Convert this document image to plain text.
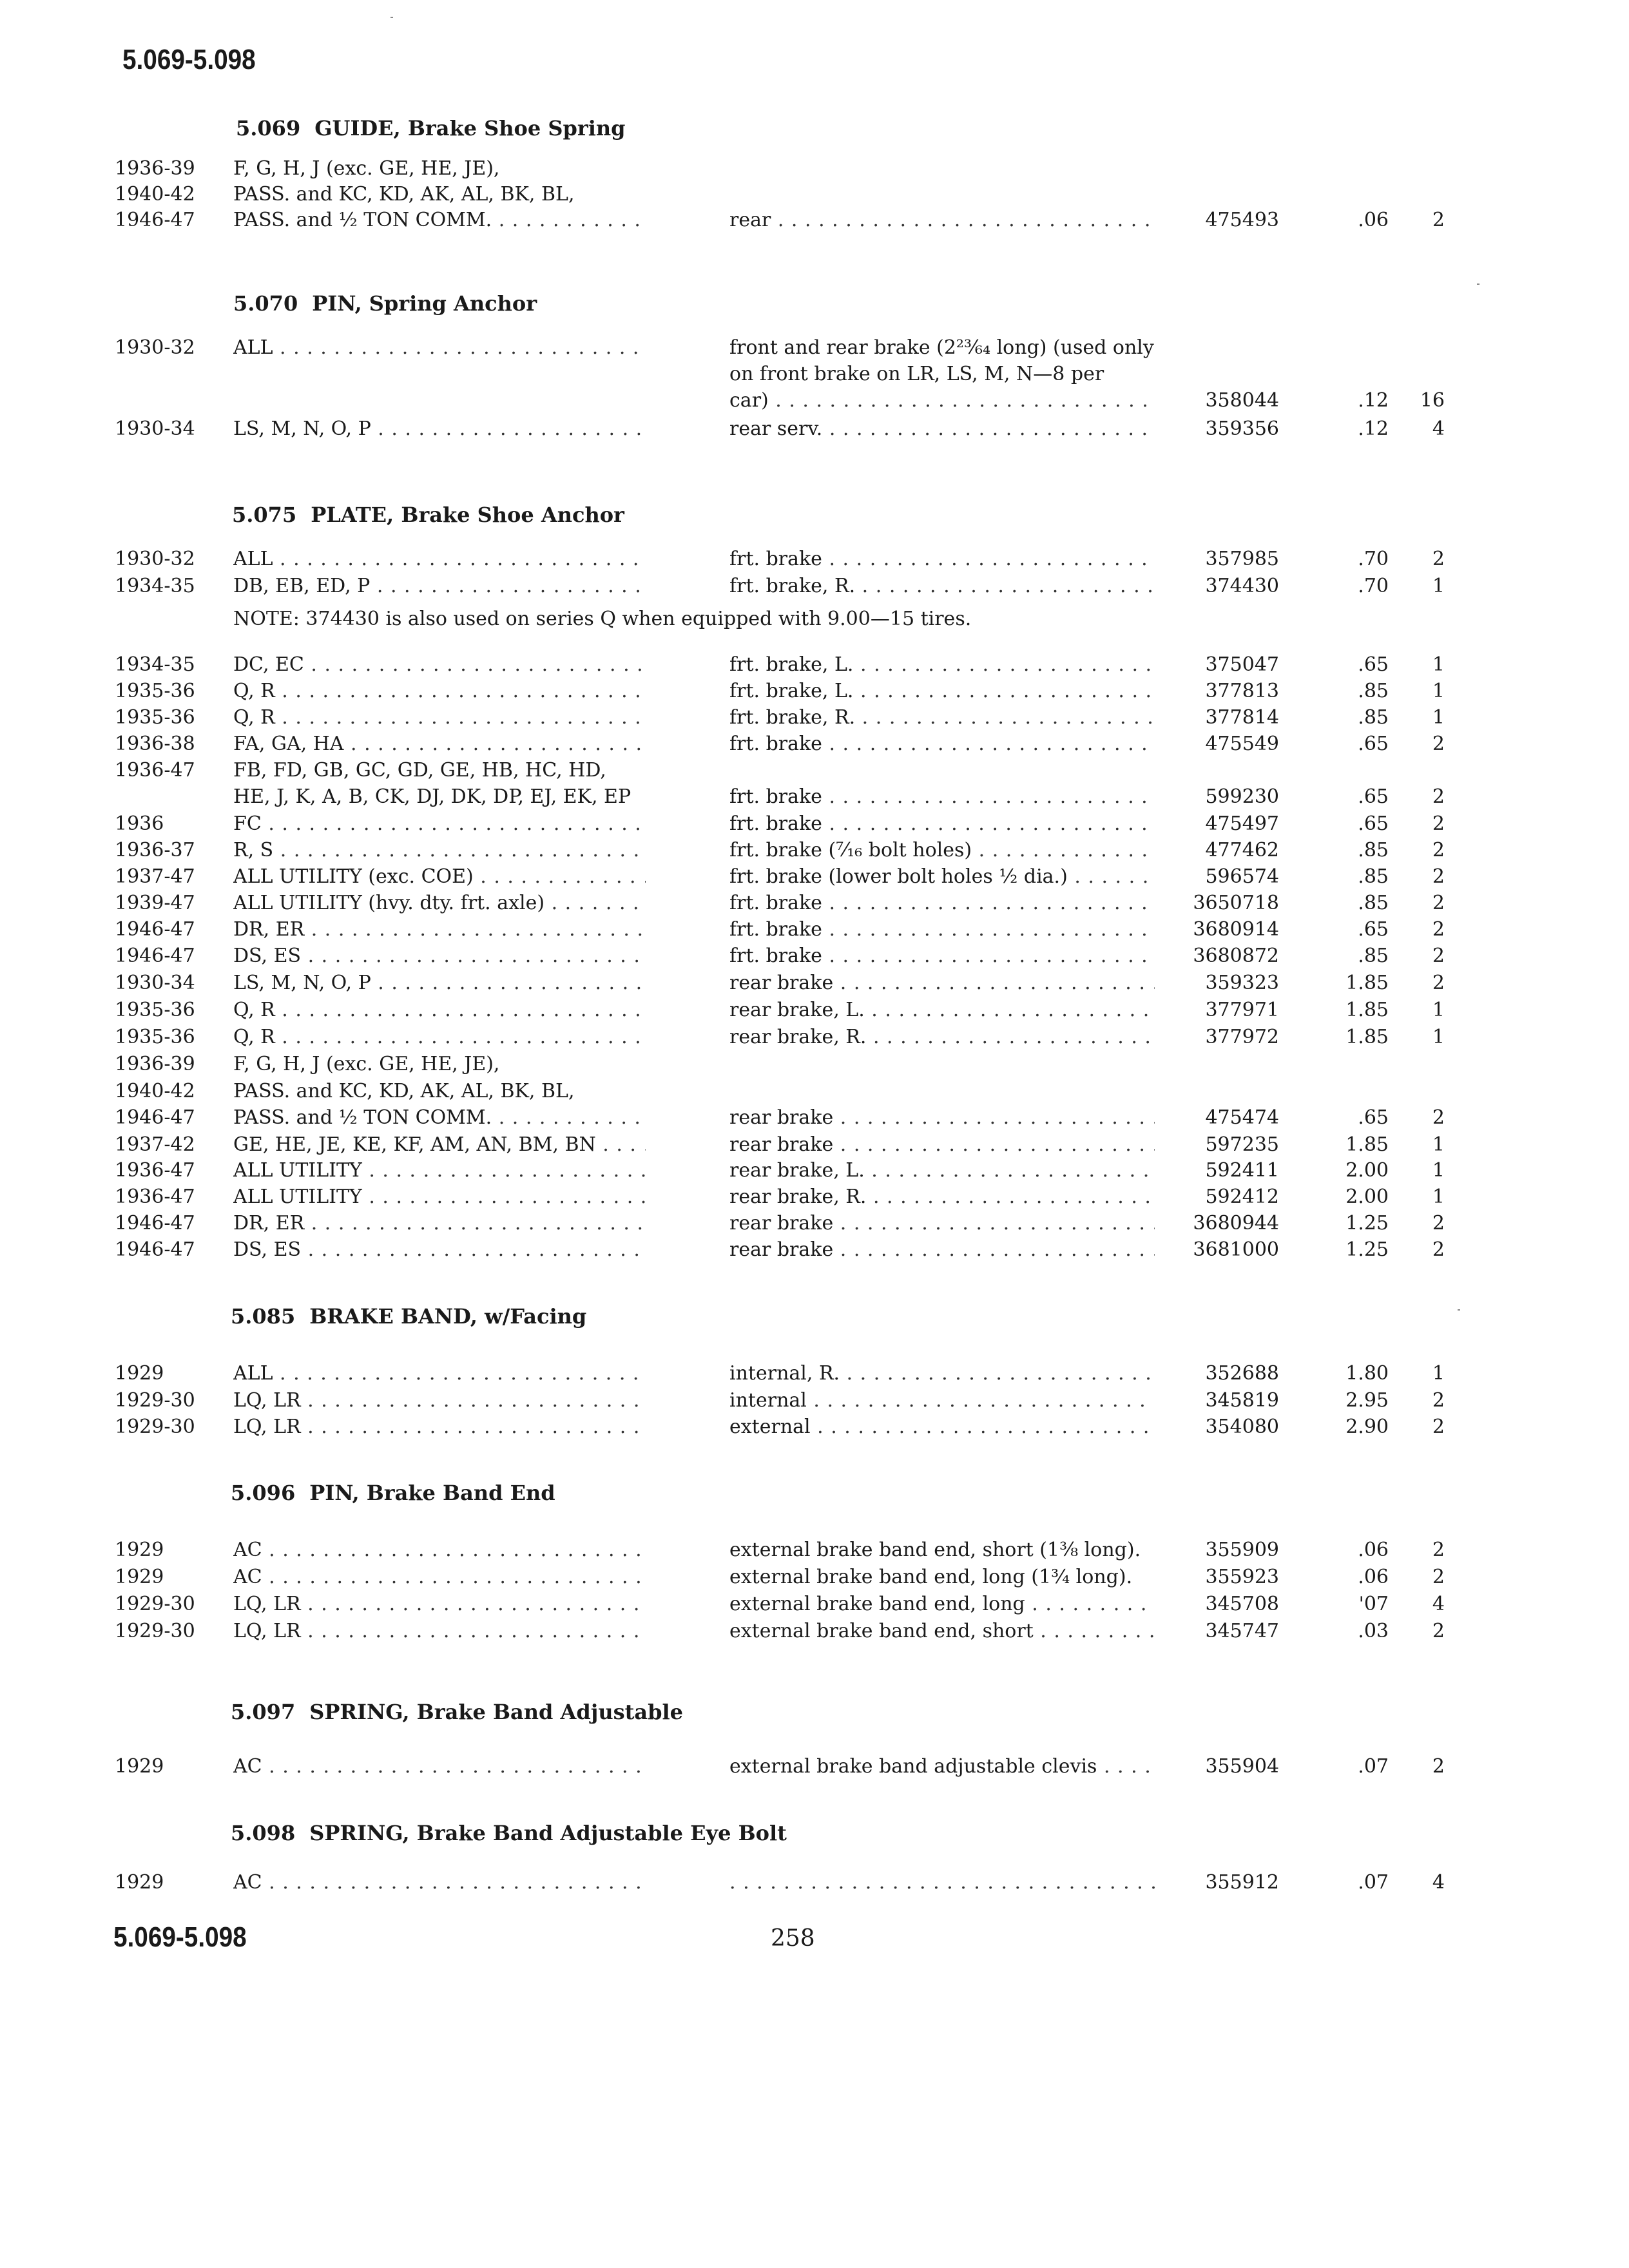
5.069-5.098
5.069 GUIDE, Brake Shoe Spring
1936-39 F, G, H, J (exc. GE, HE, JE),
1940-42 PASS. and KC, KD, AK, AL, BK, BL,
1946-47 PASS. and ½ TON COMM. . . .	rear . . .	475493	.06	2
5.070 PIN, Spring Anchor
1930-32 ALL . . .	front and rear brake (2²³⁄₆₄ long) (used only
on front brake on LR, LS, M, N—8 per
car) . . .	358044	.12	16
1930-34 LS, M, N, O, P . . .	rear serv. . . .	359356	.12	4
5.075 PLATE, Brake Shoe Anchor
1930-32 ALL . . .	frt. brake . . .	357985	.70	2
1934-35 DB, EB, ED, P . . .	frt. brake, R. . . .	374430	.70	1
1934-35 DC, EC . . .	frt. brake, L. . . .	375047	.65	1
1935-36 Q, R . . .	frt. brake, L. . . .	377813	.85	1
1935-36 Q, R . . .	frt. brake, R. . . .	377814	.85	1
1936-38 FA, GA, HA . . .	frt. brake . . .	475549	.65	2
1936-47 FB, FD, GB, GC, GD, GE, HB, HC, HD,
HE, J, K, A, B, CK, DJ, DK, DP, EJ, EK, EP	frt. brake . . .	599230	.65	2
1936	FC . . .	frt. brake . . .	475497	.65	2
1936-37 R, S . . .	frt. brake (⁷⁄₁₆ bolt holes) . . .	477462	.85	2
1937-47 ALL UTILITY (exc. COE) . . .	frt. brake (lower bolt holes ½ dia.) . . .	596574	.85	2
1939-47 ALL UTILITY (hvy. dty. frt. axle) . . .	frt. brake . . .	3650718	.85	2
1946-47 DR, ER . . .	frt. brake . . .	3680914	.65	2
1946-47 DS, ES . . .	frt. brake . . .	3680872	.85	2
1930-34 LS, M, N, O, P . . .	rear brake . . .	359323	1.85	2
1935-36 Q, R . . .	rear brake, L. . . .	377971	1.85	1
1935-36 Q, R . . .	rear brake, R. . . .	377972	1.85	1
1936-39 F, G, H, J (exc. GE, HE, JE),
1940-42 PASS. and KC, KD, AK, AL, BK, BL,
1946-47 PASS. and ½ TON COMM. . . .	rear brake . . .	475474	.65	2
1937-42 GE, HE, JE, KE, KF, AM, AN, BM, BN . . .	rear brake . . .	597235	1.85	1
1936-47 ALL UTILITY . . .	rear brake, L. . . .	592411	2.00	1
1936-47 ALL UTILITY . . .	rear brake, R. . . .	592412	2.00	1
1946-47 DR, ER . . .	rear brake . . .	3680944	1.25	2
1946-47 DS, ES . . .	rear brake . . .	3681000	1.25	2
NOTE: 374430 is also used on series Q when equipped with 9.00—15 tires.
5.085 BRAKE BAND, w/Facing
1929	ALL . . .	internal, R. . . .	352688	1.80	1
1929-30 LQ, LR . . .	internal . . .	345819	2.95	2
1929-30 LQ, LR . . .	external . . .	354080	2.90	2
5.096 PIN, Brake Band End
1929	AC . . .	external brake band end, short (1⅜ long).	355909	.06	2
1929	AC . . .	external brake band end, long (1¾ long).	355923	.06	2
1929-30 LQ, LR . . .	external brake band end, long . . .	345708	'07	4
1929-30 LQ, LR . . .	external brake band end, short . . .	345747	.03	2
5.097 SPRING, Brake Band Adjustable
1929	AC . . .	external brake band adjustable clevis . . .	355904	.07	2
5.098 SPRING, Brake Band Adjustable Eye Bolt
1929	AC . . .
. . .	355912	.07	4
5.069-5.098	258
